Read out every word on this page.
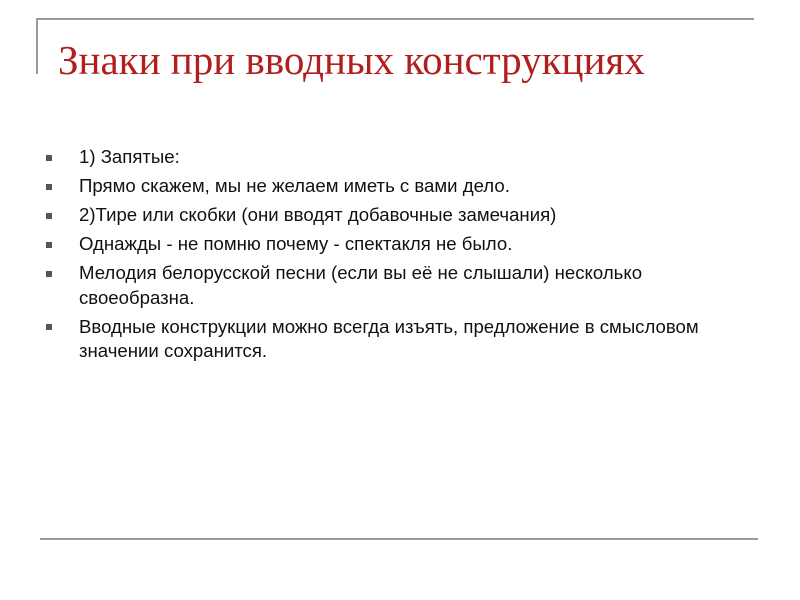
Знаки при вводных конструкциях
1) Запятые:
Прямо скажем, мы не желаем иметь с вами дело.
2)Тире или скобки (они вводят добавочные замечания)
Однажды - не помню почему - спектакля не было.
Мелодия белорусской песни (если вы её не слышали) несколько своеобразна.
Вводные конструкции можно всегда изъять, предложение в смысловом значении сохранится.
